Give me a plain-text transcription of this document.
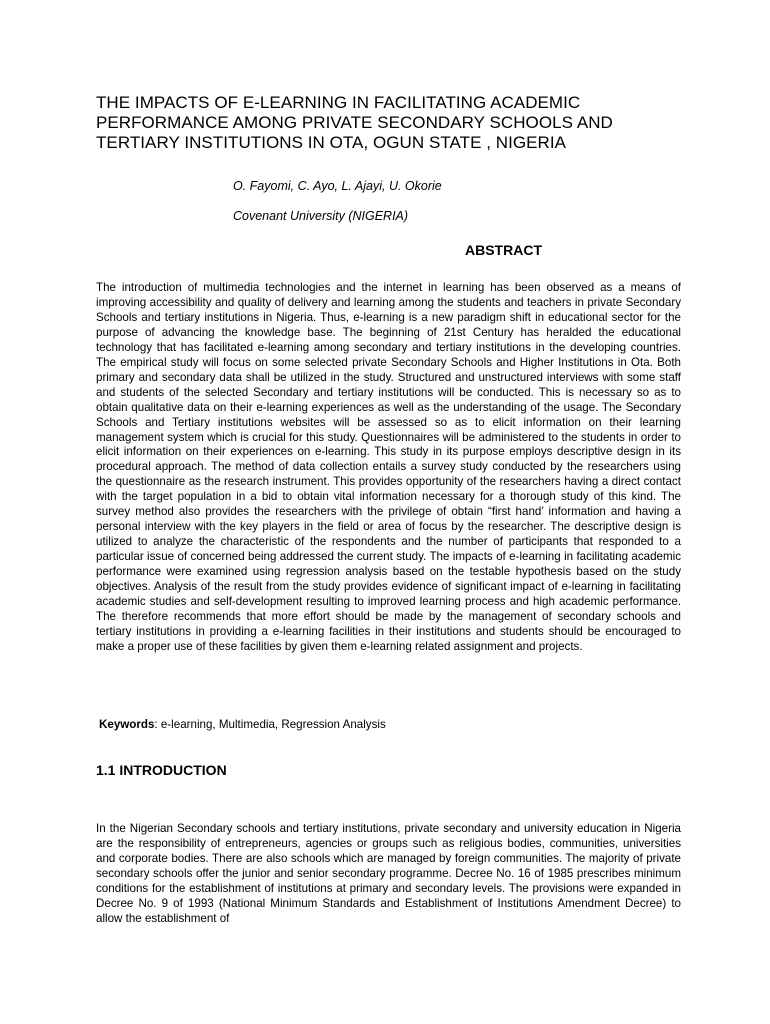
THE IMPACTS OF E-LEARNING IN FACILITATING ACADEMIC PERFORMANCE AMONG PRIVATE SECONDARY SCHOOLS AND TERTIARY INSTITUTIONS IN OTA, OGUN STATE , NIGERIA

O. Fayomi, C. Ayo, L. Ajayi, U. Okorie

Covenant University (NIGERIA)

ABSTRACT

The introduction of multimedia technologies and the internet in learning has been observed as a means of improving accessibility and quality of delivery and learning among the students and teachers in private Secondary Schools and tertiary institutions in Nigeria. Thus, e-learning is a new paradigm shift in educational sector for the purpose of advancing the knowledge base. The beginning of 21st Century has heralded the educational technology that has facilitated e-learning among secondary and tertiary institutions in the developing countries. The empirical study will focus on some selected private Secondary Schools and Higher Institutions in Ota. Both primary and secondary data shall be utilized in the study. Structured and unstructured interviews with some staff and students of the selected Secondary and tertiary institutions will be conducted. This is necessary so as to obtain qualitative data on their e-learning experiences as well as the understanding of the usage. The Secondary Schools and Tertiary institutions websites will be assessed so as to elicit information on their learning management system which is crucial for this study. Questionnaires will be administered to the students in order to elicit information on their experiences on e-learning. This study in its purpose employs descriptive design in its procedural approach. The method of data collection entails a survey study conducted by the researchers using the questionnaire as the research instrument. This provides opportunity of the researchers having a direct contact with the target population in a bid to obtain vital information necessary for a thorough study of this kind. The survey method also provides the researchers with the privilege of obtain “first hand’ information and having a personal interview with the key players in the field or area of focus by the researcher. The descriptive design is utilized to analyze the characteristic of the respondents and the number of participants that responded to a particular issue of concerned being addressed the current study. The impacts of e-learning in facilitating academic performance were examined using regression analysis based on the testable hypothesis based on the study objectives. Analysis of the result from the study provides evidence of significant impact of e-learning in facilitating academic studies and self-development resulting to improved learning process and high academic performance. The therefore recommends that more effort should be made by the management of secondary schools and tertiary institutions in providing a e-learning facilities in their institutions and students should be encouraged to make a proper use of these facilities by given them e-learning related assignment and projects.

Keywords: e-learning, Multimedia, Regression Analysis

1.1 INTRODUCTION

In the Nigerian Secondary schools and tertiary institutions, private secondary and university education in Nigeria are the responsibility of entrepreneurs, agencies or groups such as religious bodies, communities, universities and corporate bodies. There are also schools which are managed by foreign communities. The majority of private secondary schools offer the junior and senior secondary programme. Decree No. 16 of 1985 prescribes minimum conditions for the establishment of institutions at primary and secondary levels. The provisions were expanded in Decree No. 9 of 1993 (National Minimum Standards and Establishment of Institutions Amendment Decree) to allow the establishment of
